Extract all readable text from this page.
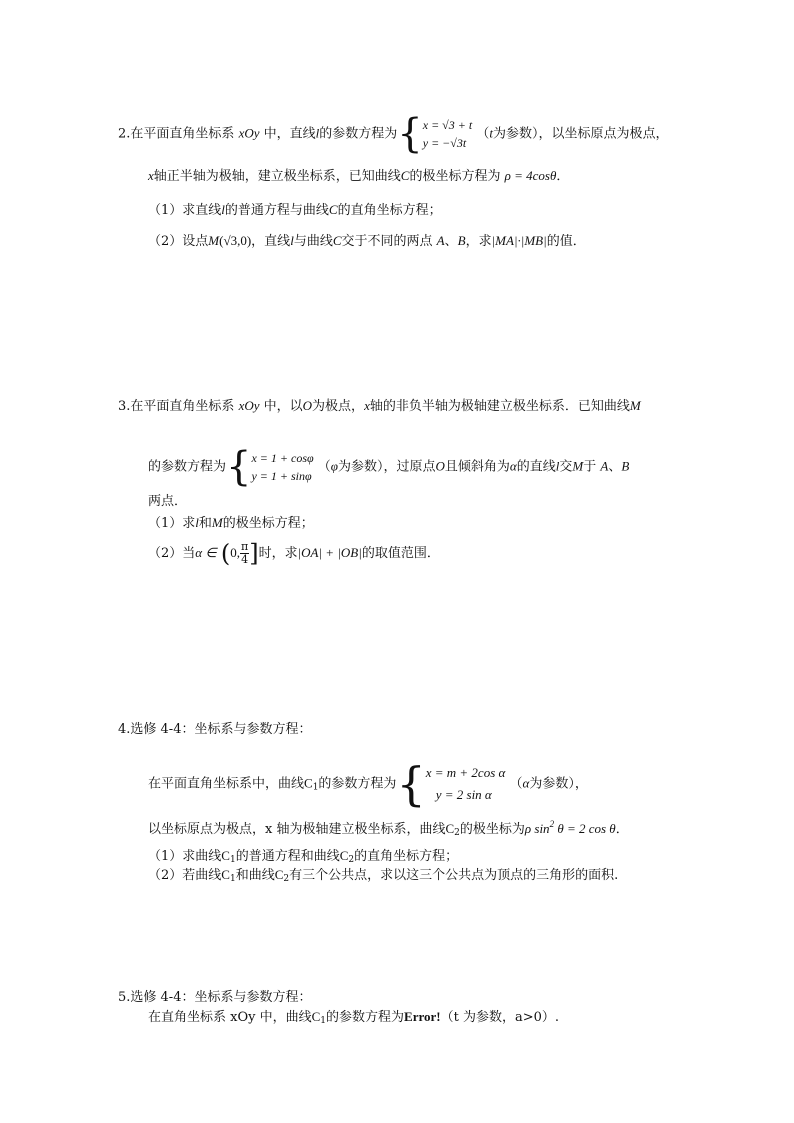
2.在平面直角坐标系 xOy 中，直线l的参数方程为 { x = √3 + t
y = −√3t
（t为参数），以坐标原点为极点，
x轴正半轴为极轴，建立极坐标系，已知曲线C的极坐标方程为 ρ = 4cosθ．
（1）求直线l的普通方程与曲线C的直角坐标方程；
（2）设点M(√3,0)，直线l与曲线C交于不同的两点 A、B，求|MA|·|MB|的值．
3.在平面直角坐标系 xOy 中，以O为极点，x轴的非负半轴为极轴建立极坐标系．已知曲线M
的参数方程为 { x = 1 + cosφ
y = 1 + sinφ
（φ为参数），过原点O且倾斜角为α的直线l交M于 A、B
两点．
（1）求l和M的极坐标方程；
（2）当α ∈ (0, $\frac{\pi}{4}$ ]时，求|OA| + |OB|的取值范围．
4.选修 4-4：坐标系与参数方程：
在平面直角坐标系中，曲线$C_1$的参数方程为 { x = m + 2cos α
y = 2 sin α
（α为参数），
以坐标原点为极点，x 轴为极轴建立极坐标系，曲线$C_2$的极坐标为ρ $\sin^2 \theta = 2$ cos θ．
（1）求曲线$C_1$的普通方程和曲线$C_2$的直角坐标方程；
（2）若曲线$C_1$和曲线$C_2$有三个公共点，求以这三个公共点为顶点的三角形的面积.
5.选修 4-4：坐标系与参数方程：
在直角坐标系 xOy 中，曲线$C_1$的参数方程为Error!（t 为参数，a>0）.
